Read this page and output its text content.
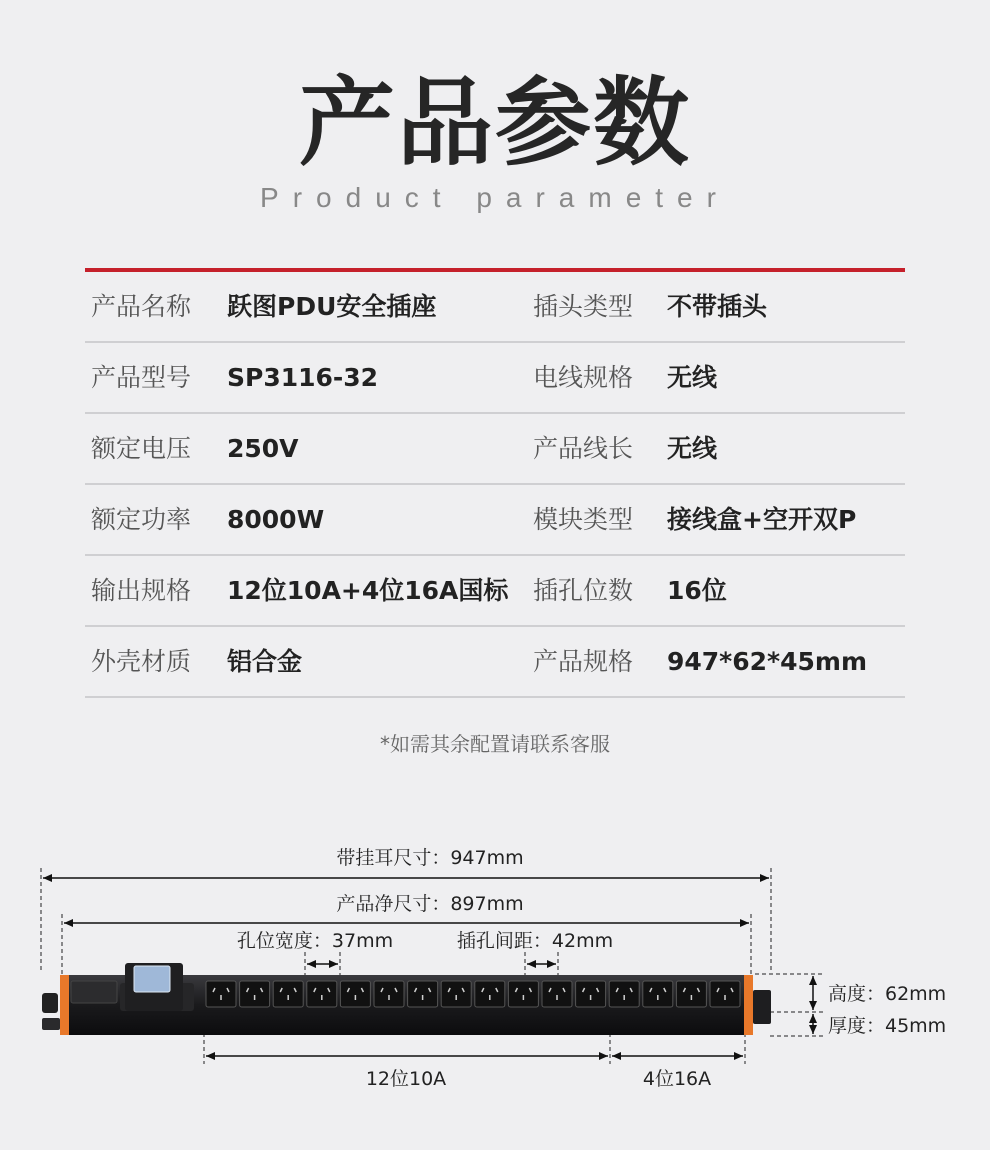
产品参数
Product parameter
产品名称 跃图PDU安全插座	插头类型 不带插头
产品型号 SP3116-32	电线规格 无线
额定电压 250V	产品线长 无线
额定功率 8000W	模块类型 接线盒+空开双P
输出规格 12位10A+4位16A国标 插孔位数 16位
外壳材质 铝合金	产品规格 947*62*45mm
*如需其余配置请联系客服
带挂耳尺寸：947mm
产品净尺寸：897mm
孔位宽度：37mm	插孔间距：42mm
高度：62mm
厚度：45mm
12位10A	4位16A
